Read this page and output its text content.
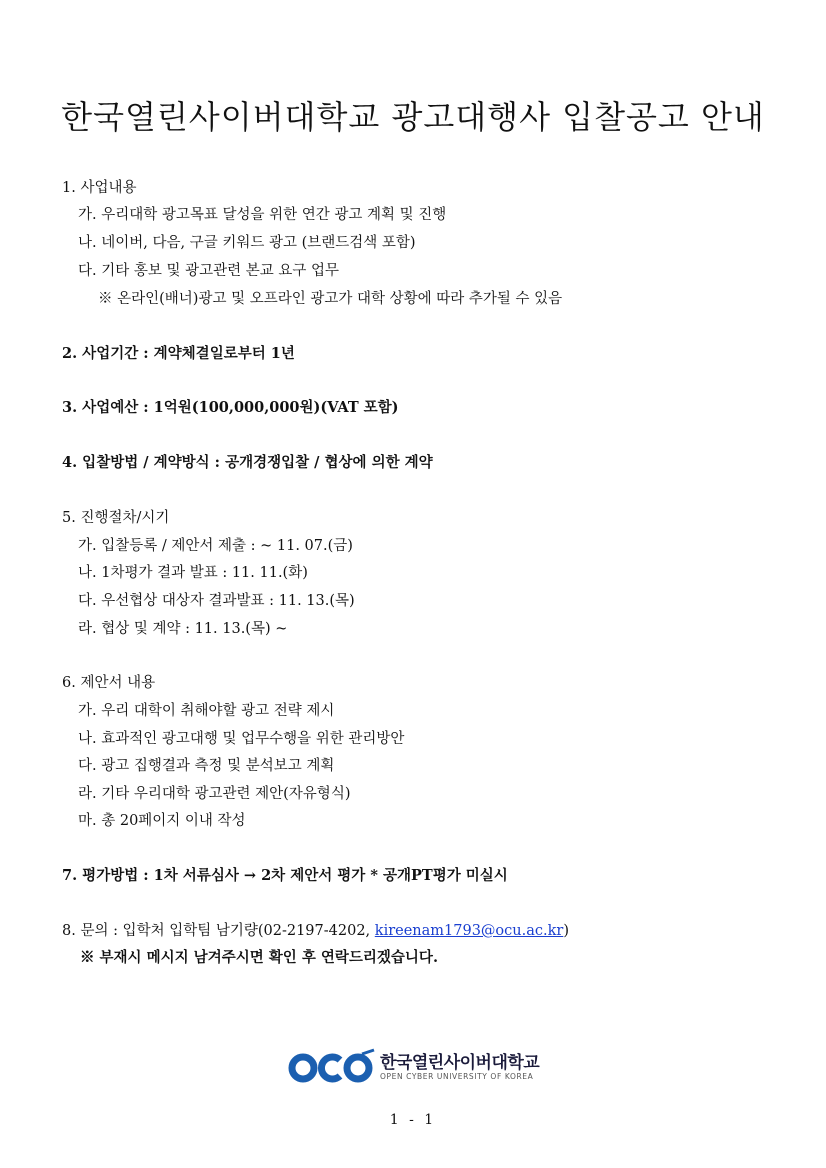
한국열린사이버대학교 광고대행사 입찰공고 안내
1. 사업내용
가. 우리대학 광고목표 달성을 위한 연간 광고 계획 및 진행
나. 네이버, 다음, 구글 키워드 광고 (브랜드검색 포함)
다. 기타 홍보 및 광고관련 본교 요구 업무
※ 온라인(배너)광고 및 오프라인 광고가 대학 상황에 따라 추가될 수 있음
2. 사업기간 : 계약체결일로부터 1년
3. 사업예산 : 1억원(100,000,000원)(VAT 포함)
4. 입찰방법 / 계약방식 : 공개경쟁입찰 / 협상에 의한 계약
5. 진행절차/시기
가. 입찰등록 / 제안서 제출 : ~ 11. 07.(금)
나. 1차평가 결과 발표 : 11. 11.(화)
다. 우선협상 대상자 결과발표 : 11. 13.(목)
라. 협상 및 계약 : 11. 13.(목) ~
6. 제안서 내용
가. 우리 대학이 취해야할 광고 전략 제시
나. 효과적인 광고대행 및 업무수행을 위한 관리방안
다. 광고 집행결과 측정 및 분석보고 계획
라. 기타 우리대학 광고관련 제안(자유형식)
마. 총 20페이지 이내 작성
7. 평가방법 : 1차 서류심사 → 2차 제안서 평가 * 공개PT평가 미실시
8. 문의 : 입학처 입학팀 남기량(02-2197-4202, kireenam1793@ocu.ac.kr)
※ 부재시 메시지 남겨주시면 확인 후 연락드리겠습니다.
한국열린사이버대학교
OPEN CYBER UNIVERSITY OF KOREA
1 - 1
